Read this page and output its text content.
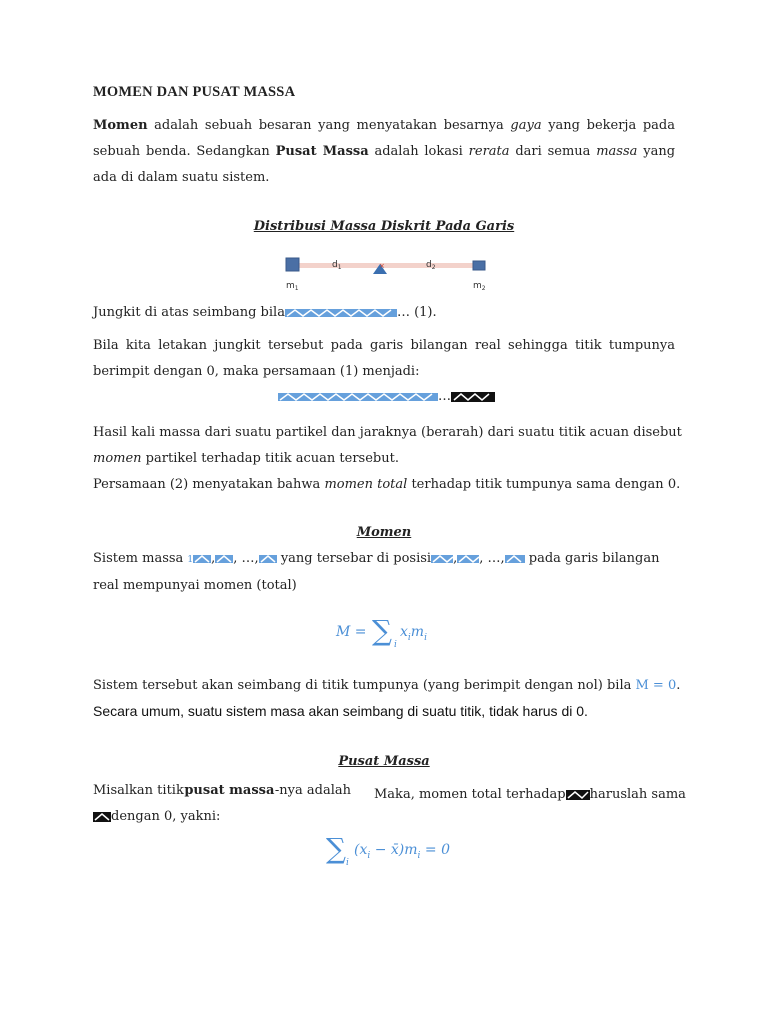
MOMEN DAN PUSAT MASSA
Momen adalah sebuah besaran yang menyatakan besarnya gaya yang bekerja pada sebuah benda. Sedangkan Pusat Massa adalah lokasi rerata dari semua massa yang ada di dalam suatu sistem.
Distribusi Massa Diskrit Pada Garis
×
$d_1$	$d_2$
$m_1$	$m_2$
Jungkit di atas seimbang bila	… (1).
Bila kita letakan jungkit tersebut pada garis bilangan real sehingga titik tumpunya berimpit dengan 0, maka persamaan (1) menjadi:
…
Hasil kali massa dari suatu partikel dan jaraknya (berarah) dari suatu titik acuan disebut
momen partikel terhadap titik acuan tersebut.
Persamaan (2) menyatakan bahwa momen total terhadap titik tumpunya sama dengan 0.
Momen
Sistem massa 1 , , …,
yang tersebar di posisi , , …,
pada garis bilangan
real mempunyai momen (total)
M = ∑ i
$x_im_i$
Sistem tersebut akan seimbang di titik tumpunya (yang berimpit dengan nol) bila M = 0.
Secara umum, suatu sistem masa akan seimbang di suatu titik, tidak harus di 0.
Pusat Massa
Misalkan titik pusat massa -nya adalah
dengan 0, yakni:
Maka, momen total terhadap haruslah sama
∑ i
($x_i$ − $x̄)m_i = 0$
